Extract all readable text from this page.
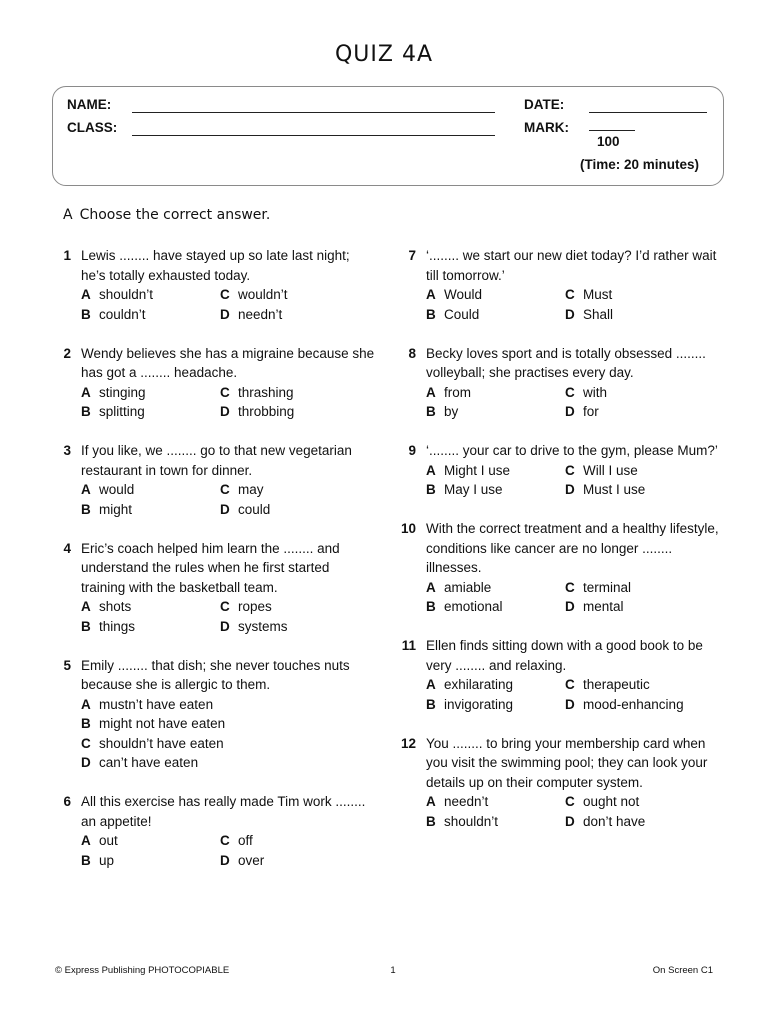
QUIZ 4A
NAME:
CLASS:
DATE:
MARK:
100
(Time: 20 minutes)
A Choose the correct answer.
1 Lewis ........ have stayed up so late last night; he’s totally exhausted today.
A shouldn’t	C wouldn’t
B couldn’t	D needn’t
2 Wendy believes she has a migraine because she has got a ........ headache.
A stinging	C thrashing
B splitting	D throbbing
3 If you like, we ........ go to that new vegetarian restaurant in town for dinner.
A would	C may
B might	D could
4 Eric’s coach helped him learn the ........ and understand the rules when he first started training with the basketball team.
A shots	C ropes
B things	D systems
5 Emily ........ that dish; she never touches nuts because she is allergic to them.
A mustn’t have eaten
B might not have eaten
C shouldn’t have eaten
D can’t have eaten
6 All this exercise has really made Tim work ........ an appetite!
A out	C off
B up	D over
7 ‘........ we start our new diet today? I’d rather wait till tomorrow.’
A Would	C Must
B Could	D Shall
8 Becky loves sport and is totally obsessed ........ volleyball; she practises every day.
A from	C with
B by	D for
9 ‘........ your car to drive to the gym, please Mum?’
A Might I use	C Will I use
B May I use	D Must I use
10 With the correct treatment and a healthy lifestyle, conditions like cancer are no longer ........ illnesses.
A amiable	C terminal
B emotional	D mental
11 Ellen finds sitting down with a good book to be very ........ and relaxing.
A exhilarating	C therapeutic
B invigorating	D mood-enhancing
12 You ........ to bring your membership card when you visit the swimming pool; they can look your details up on their computer system.
A needn’t	C ought not
B shouldn’t	D don’t have
© Express Publishing PHOTOCOPIABLE	1	On Screen C1
